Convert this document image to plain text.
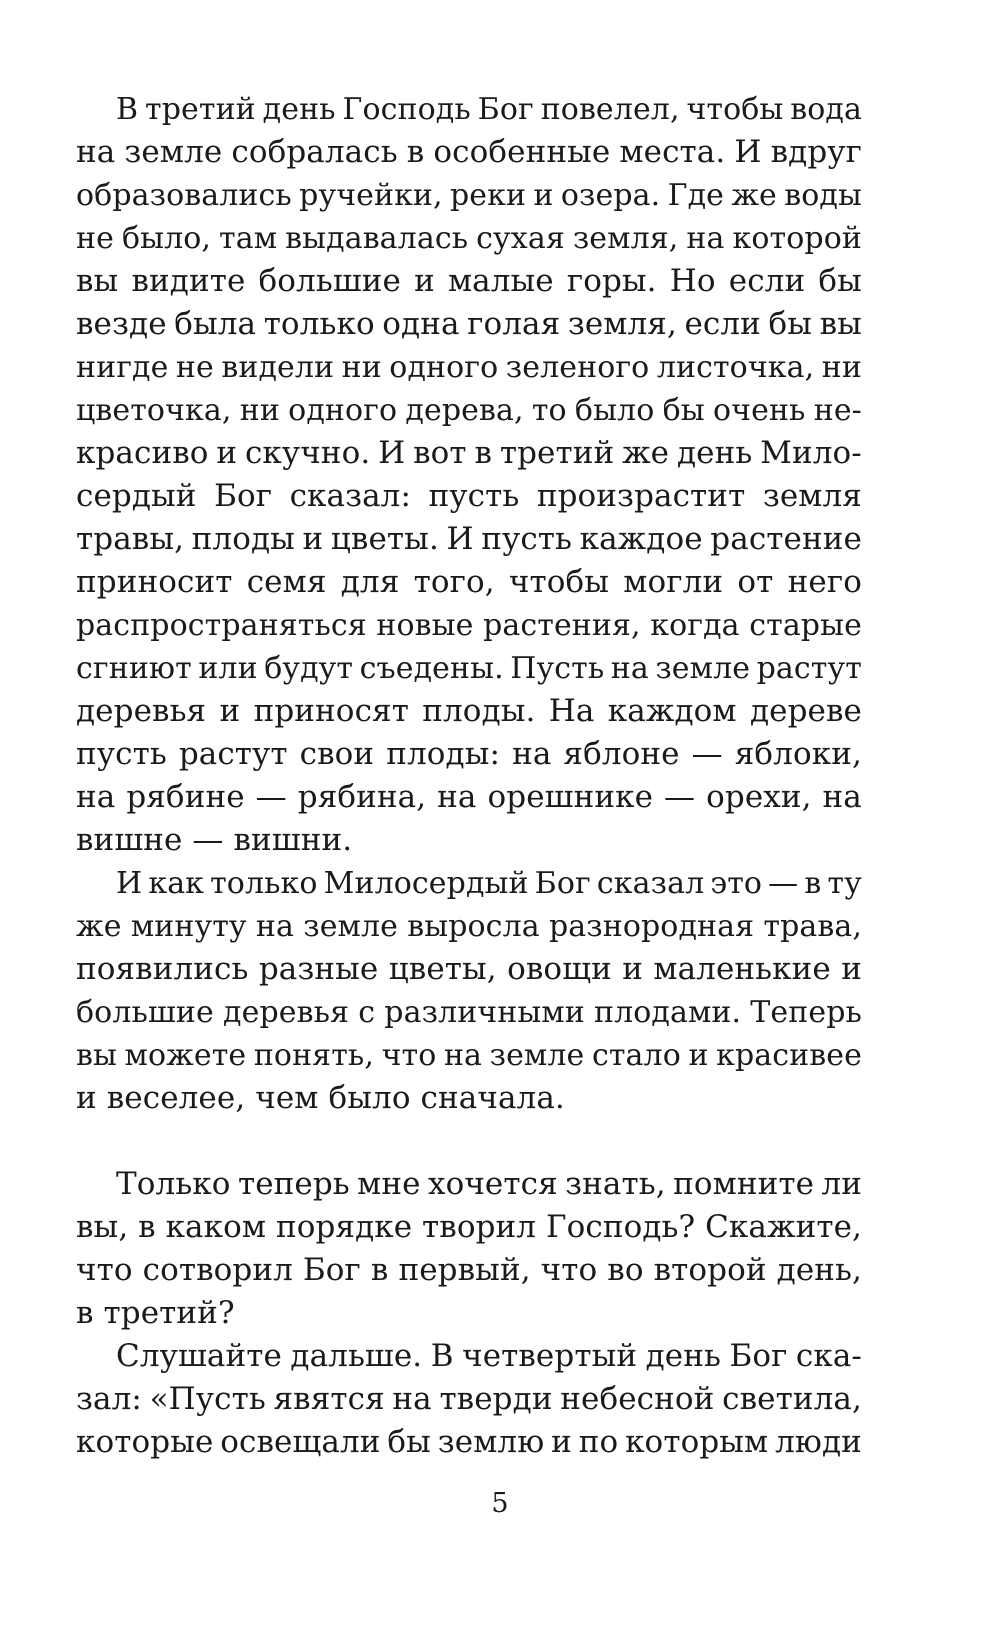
В третий день Господь Бог повелел, чтобы вода
на земле собралась в особенные места. И вдруг
образовались ручейки, реки и озера. Где же воды
не было, там выдавалась сухая земля, на которой
вы видите большие и малые горы. Но если бы
везде была только одна голая земля, если бы вы
нигде не видели ни одного зеленого листочка, ни
цветочка, ни одного дерева, то было бы очень не-
красиво и скучно. И вот в третий же день Мило-
сердый Бог сказал: пусть произрастит земля
травы, плоды и цветы. И пусть каждое растение
приносит семя для того, чтобы могли от него
распространяться новые растения, когда старые
сгниют или будут съедены. Пусть на земле растут
деревья и приносят плоды. На каждом дереве
пусть растут свои плоды: на яблоне — яблоки,
на рябине — рябина, на орешнике — орехи, на
вишне
—
вишни.
И как только Милосердый Бог сказал это — в ту
же минуту на земле выросла разнородная трава,
появились разные цветы, овощи и маленькие и
большие деревья с различными плодами. Теперь
вы можете понять, что на земле стало и красивее
и
веселее,
чем
было
сначала.
Только теперь мне хочется знать, помните ли
вы, в каком порядке творил Господь? Скажите,
что сотворил Бог в первый, что во второй день,
в
третий?
Слушайте дальше. В четвертый день Бог ска-
зал: «Пусть явятся на тверди небесной светила,
которые освещали бы землю и по которым люди
5
